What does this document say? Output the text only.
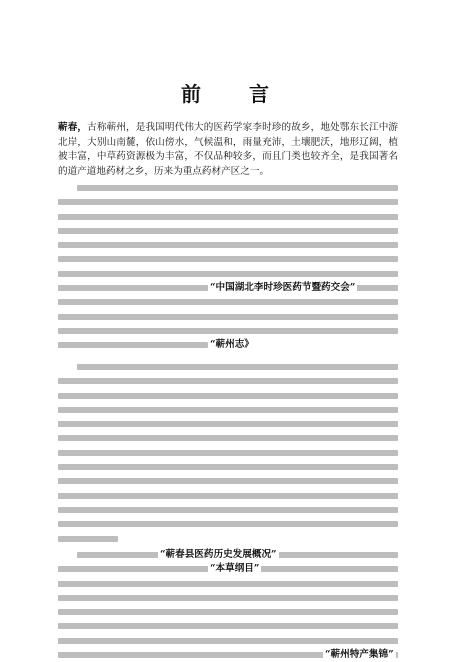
前　言
蕲春，古称蕲州，是我国明代伟大的医药学家李时珍的故乡，地处鄂东长江中游北岸，大别山南麓，依山傍水，气候温和，雨量充沛，土壤肥沃，地形辽阔，植被丰富，中草药资源极为丰富，不仅品种较多，而且门类也较齐全，是我国著名的道产道地药材之乡，历来为重点药材产区之一。
“中国湖北李时珍医药节暨药交会”
“蕲州志》
“蕲春县医药历史发展概况”
“本草纲目”
“蕲州特产集锦”
